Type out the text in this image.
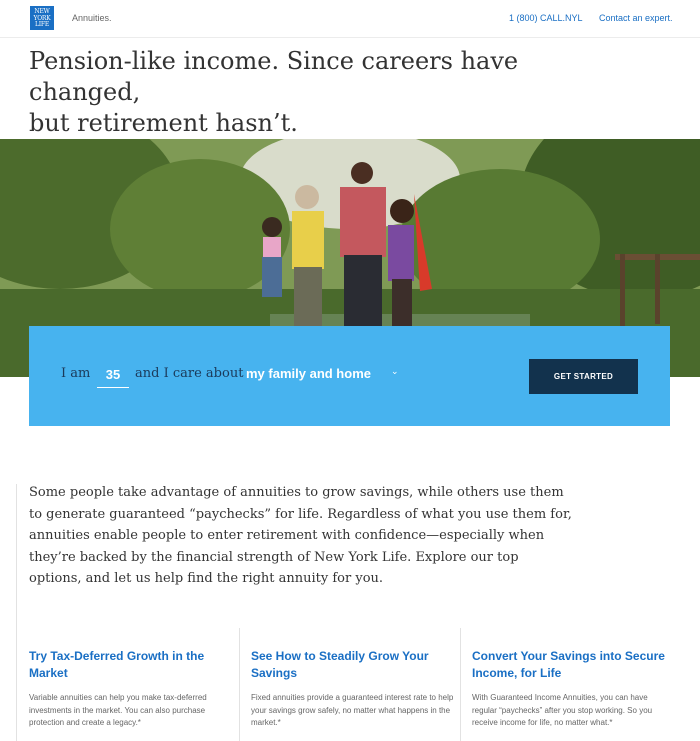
NEW
YORK
LIFE
Annuities.	1 (800) CALL.NYL Contact an expert.
Pension-like income. Since careers have changed,
but retirement hasn’t.
I am
35	and I care about my family and home ⌄
GET STARTED

Some people take advantage of annuities to grow savings, while others use them to generate guaranteed “paychecks” for life. Regardless of what you use them for, annuities enable people to enter retirement with confidence—especially when they’re backed by the financial strength of New York Life. Explore our top options, and let us help find the right annuity for you.

Try Tax-Deferred Growth in the Market
Variable annuities can help you make tax-deferred investments in the market. You can also purchase protection and create a legacy.*
See How to Steadily Grow Your Savings
Fixed annuities provide a guaranteed interest rate to help your savings grow safely, no matter what happens in the market.*
Convert Your Savings into Secure Income, for Life
With Guaranteed Income Annuities, you can have regular “paychecks” after you stop working. So you receive income for life, no matter what.*
